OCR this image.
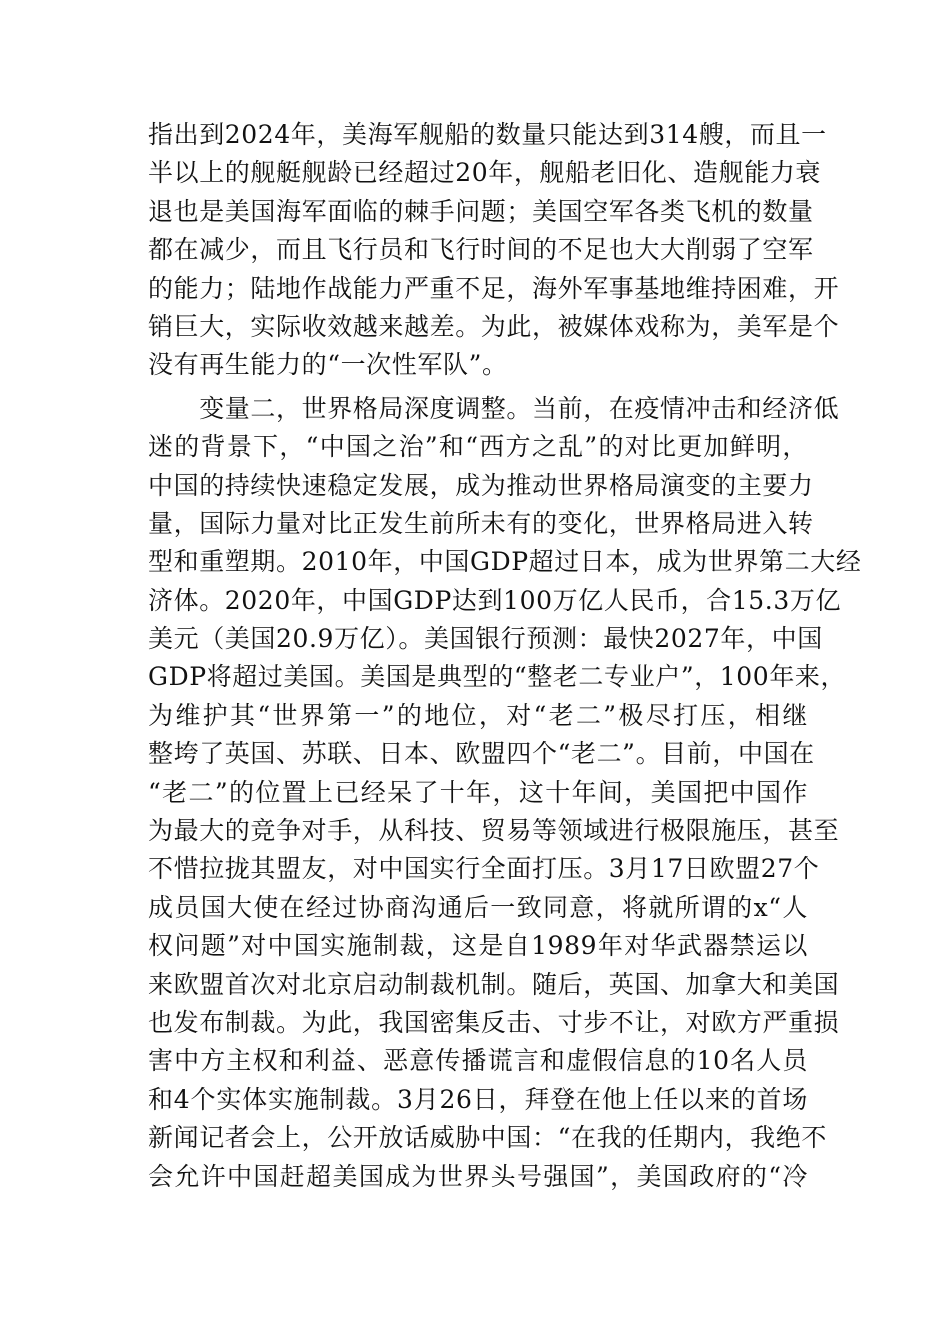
指出到2024年，美海军舰船的数量只能达到314艘，而且一
半以上的舰艇舰龄已经超过20年，舰船老旧化、造舰能力衰
退也是美国海军面临的棘手问题；美国空军各类飞机的数量
都在减少，而且飞行员和飞行时间的不足也大大削弱了空军
的能力；陆地作战能力严重不足，海外军事基地维持困难，开
销巨大，实际收效越来越差。为此，被媒体戏称为，美军是个
没有再生能力的“一次性军队”。
　　变量二，世界格局深度调整。当前，在疫情冲击和经济低
迷的背景下，“中国之治”和“西方之乱”的对比更加鲜明，
中国的持续快速稳定发展，成为推动世界格局演变的主要力
量，国际力量对比正发生前所未有的变化，世界格局进入转
型和重塑期。2010年，中国GDP超过日本，成为世界第二大经
济体。2020年，中国GDP达到100万亿人民币，合15.3万亿
美元（美国20.9万亿）。美国银行预测：最快2027年，中国
GDP将超过美国。美国是典型的“整老二专业户”，100年来，
为维护其“世界第一”的地位，对“老二”极尽打压，相继
整垮了英国、苏联、日本、欧盟四个“老二”。目前，中国在
“老二”的位置上已经呆了十年，这十年间，美国把中国作
为最大的竞争对手，从科技、贸易等领域进行极限施压，甚至
不惜拉拢其盟友，对中国实行全面打压。3月17日欧盟27个
成员国大使在经过协商沟通后一致同意，将就所谓的x“人
权问题”对中国实施制裁，这是自1989年对华武器禁运以
来欧盟首次对北京启动制裁机制。随后，英国、加拿大和美国
也发布制裁。为此，我国密集反击、寸步不让，对欧方严重损
害中方主权和利益、恶意传播谎言和虚假信息的10名人员
和4个实体实施制裁。3月26日，拜登在他上任以来的首场
新闻记者会上，公开放话威胁中国：“在我的任期内，我绝不
会允许中国赶超美国成为世界头号强国”，美国政府的“冷
